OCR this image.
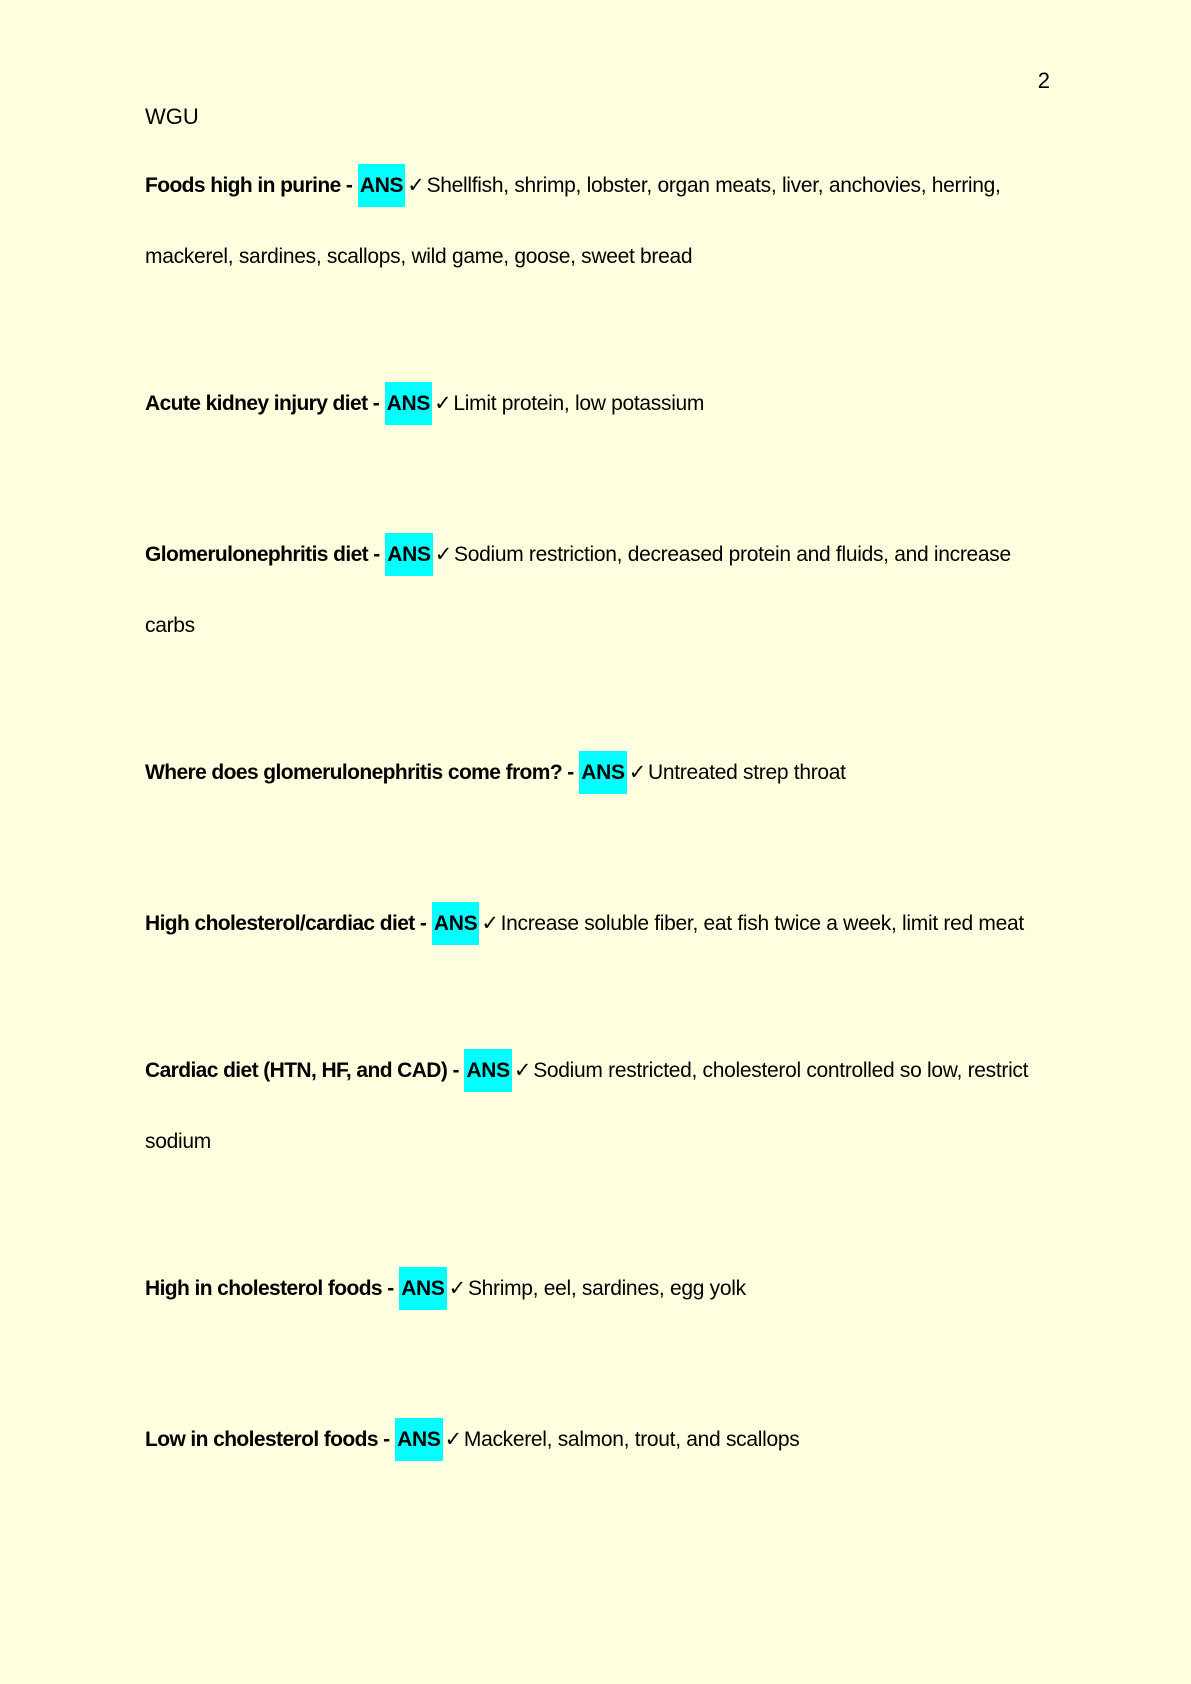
2
WGU
Foods high in purine - ANS ✓Shellfish, shrimp, lobster, organ meats, liver, anchovies, herring, mackerel, sardines, scallops, wild game, goose, sweet bread
Acute kidney injury diet - ANS ✓Limit protein, low potassium
Glomerulonephritis diet - ANS ✓Sodium restriction, decreased protein and fluids, and increase carbs
Where does glomerulonephritis come from? - ANS ✓Untreated strep throat
High cholesterol/cardiac diet - ANS ✓Increase soluble fiber, eat fish twice a week, limit red meat
Cardiac diet (HTN, HF, and CAD) - ANS ✓Sodium restricted, cholesterol controlled so low, restrict sodium
High in cholesterol foods - ANS ✓Shrimp, eel, sardines, egg yolk
Low in cholesterol foods - ANS ✓Mackerel, salmon, trout, and scallops
